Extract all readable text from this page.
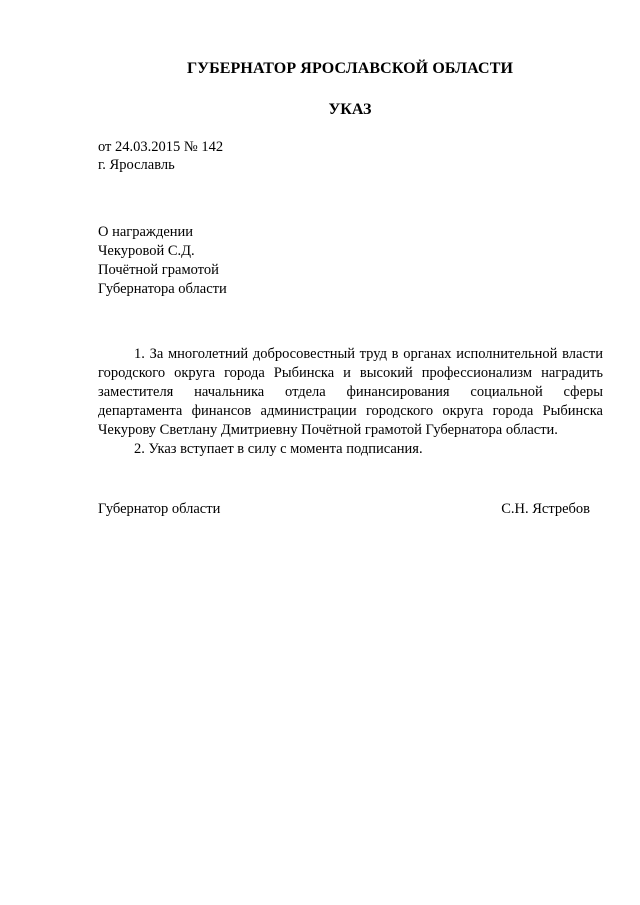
ГУБЕРНАТОР ЯРОСЛАВСКОЙ ОБЛАСТИ
УКАЗ
от 24.03.2015 № 142
г. Ярославль
О награждении
Чекуровой С.Д.
Почётной грамотой
Губернатора области

1. За многолетний добросовестный труд в органах исполнительной власти городского округа города Рыбинска и высокий профессионализм наградить заместителя начальника отдела финансирования социальной сферы департамента финансов администрации городского округа города Рыбинска Чекурову Светлану Дмитриевну Почётной грамотой Губернатора области.

2. Указ вступает в силу с момента подписания.

Губернатор области	С.Н. Ястребов
